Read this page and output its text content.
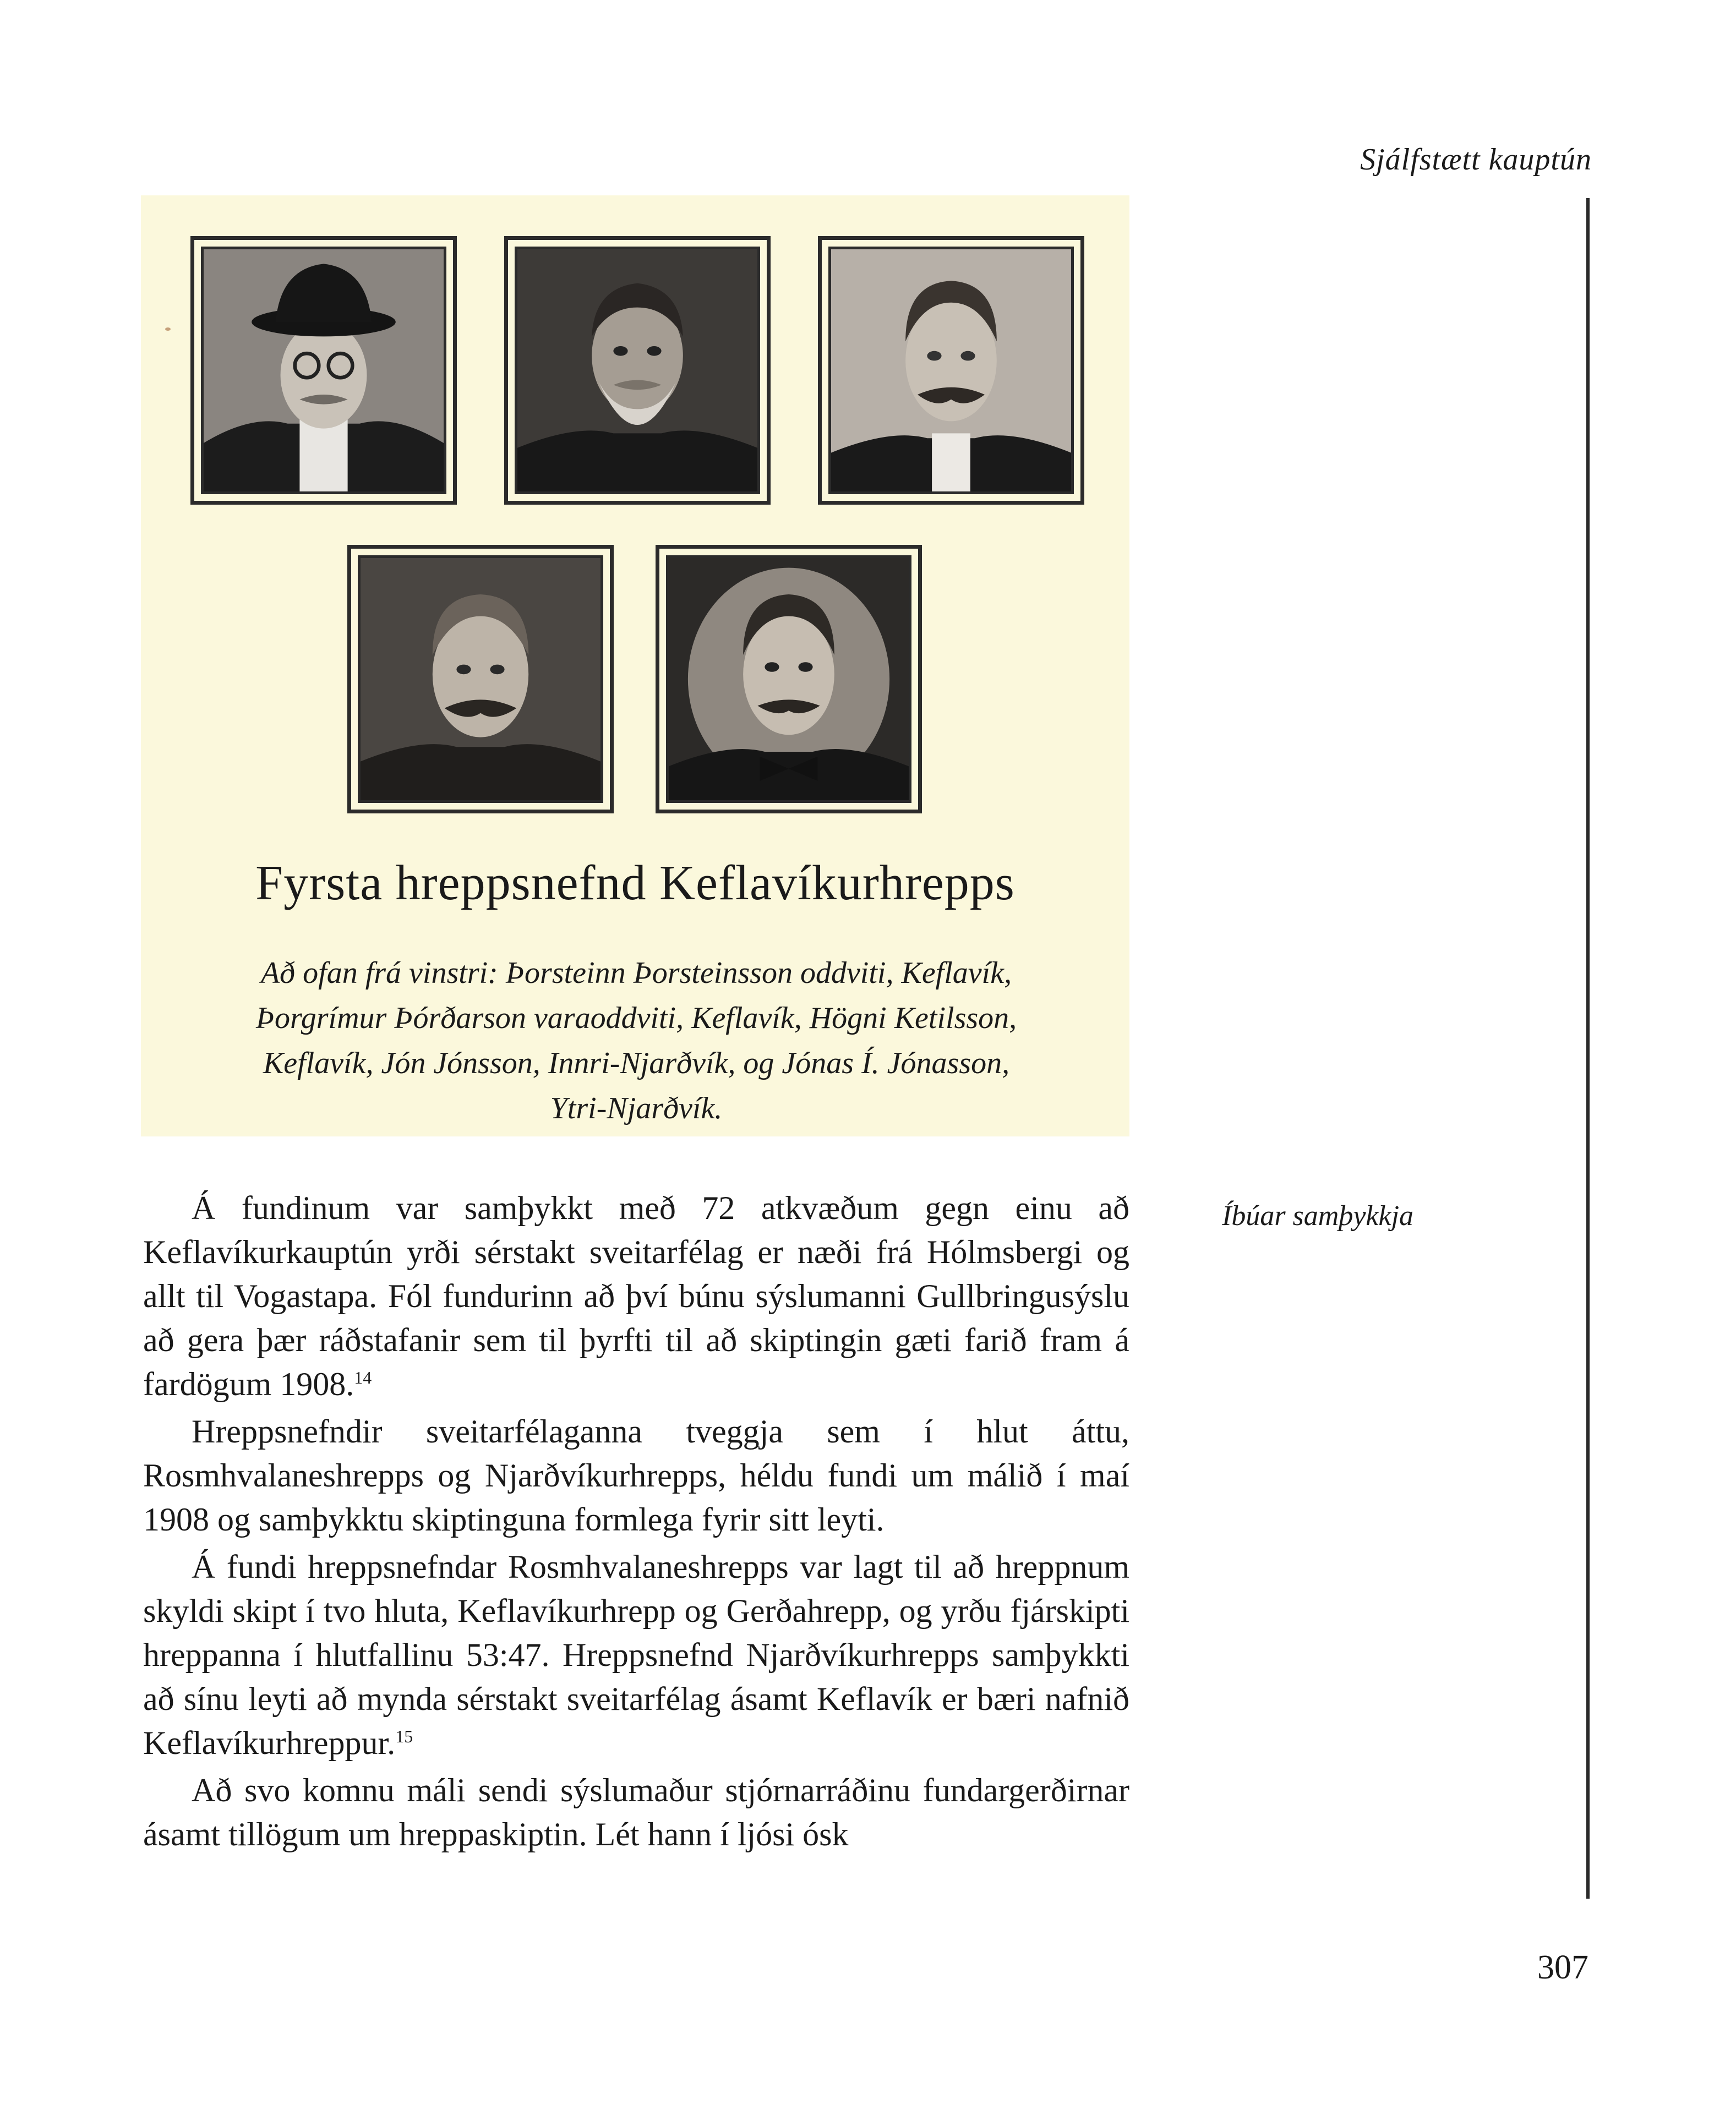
Sjálfstætt kauptún
Fyrsta hreppsnefnd Keflavíkurhrepps
Að ofan frá vinstri: Þorsteinn Þorsteinsson oddviti, Keflavík, Þorgrímur Þórðarson varaoddviti, Keflavík, Högni Ketilsson, Keflavík, Jón Jónsson, Innri-Njarðvík, og Jónas Í. Jónasson, Ytri-Njarðvík.
Íbúar samþykkja

Á fundinum var samþykkt með 72 atkvæðum gegn einu að Keflavíkurkauptún yrði sérstakt sveitarfélag er næði frá Hólmsbergi og allt til Vogastapa. Fól fundurinn að því búnu sýslumanni Gullbringusýslu að gera þær ráðstafanir sem til þyrfti til að skiptingin gæti farið fram á fardögum 1908.14

Hreppsnefndir sveitarfélaganna tveggja sem í hlut áttu, Rosmhvalaneshrepps og Njarðvíkurhrepps, héldu fundi um málið í maí 1908 og samþykktu skiptinguna formlega fyrir sitt leyti.

Á fundi hreppsnefndar Rosmhvalaneshrepps var lagt til að hreppnum skyldi skipt í tvo hluta, Keflavíkurhrepp og Gerðahrepp, og yrðu fjárskipti hreppanna í hlutfallinu 53:47. Hreppsnefnd Njarðvíkurhrepps samþykkti að sínu leyti að mynda sérstakt sveitarfélag ásamt Keflavík er bæri nafnið Keflavíkurhreppur.$^{15}$

Að svo komnu máli sendi sýslumaður stjórnarráðinu fundargerðirnar ásamt tillögum um hreppaskiptin. Lét hann í ljósi ósk

307
